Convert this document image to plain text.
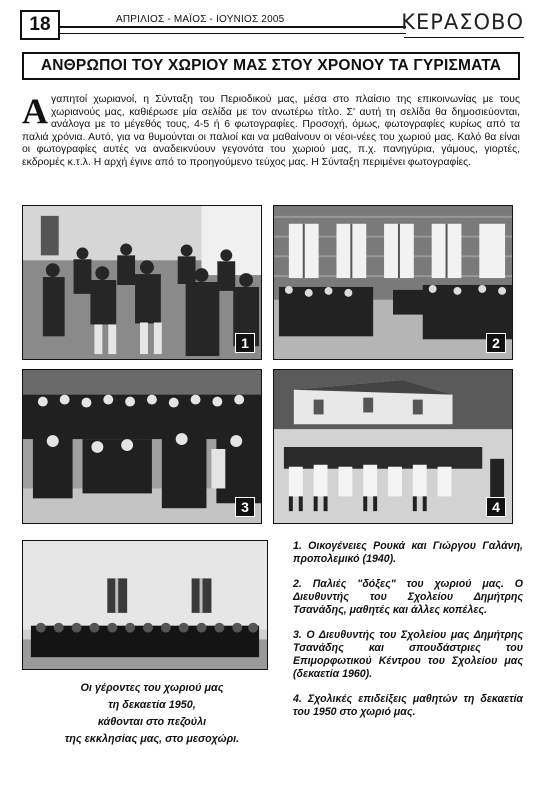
18	ΑΠΡΙΛΙΟΣ - ΜΑΪΟΣ - ΙΟΥΝΙΟΣ 2005	ΚΕΡΑΣΟΒΟ
ΑΝΘΡΩΠΟΙ ΤΟΥ ΧΩΡΙΟΥ ΜΑΣ ΣΤΟΥ ΧΡΟΝΟΥ ΤΑ ΓΥΡΙΣΜΑΤΑ
Α γαπητοί χωριανοί, η Σύνταξη του Περιοδικού μας, μέσα στο πλαίσιο της επικοινωνίας με τους χωριανούς μας, καθιέρωσε μία σελίδα με τον ανωτέρω τίτλο. Σ' αυτή τη σελίδα θα δημοσιεύονται, ανάλογα με το μέγεθός τους, 4-5 ή 6 φωτογραφίες. Προσοχή, όμως, φωτογραφίες κυρίως από τα παλιά χρόνια. Αυτό, για να θυμούνται οι παλιοί και να μαθαίνουν οι νέοι-νέες του χωριού μας. Καλό θα είναι οι φωτογραφίες αυτές να αναδεικνύουν γεγονότα του χωριού μας, π.χ. πανηγύρια, γάμους, γιορτές, εκδρομές κ.τ.λ. Η αρχή έγινε από το προηγούμενο τεύχος μας. Η Σύνταξη περιμένει φωτογραφίες.
1	2
3	4

1. Οικογένειες Ρουκά και Γιώργου Γαλάνη, προπολεμικό (1940).

2. Παλιές "δόξες" του χωριού μας. Ο Διευθυντής του Σχολείου Δημήτρης Τσανάδης, μαθητές και άλλες κοπέλες.

3. Ο Διευθυντής του Σχολείου μας Δημήτρης Τσανάδης και σπουδάστριες του Επιμορφωτικού Κέντρου του Σχολείου μας (δεκαετία 1960).

4. Σχολικές επιδείξεις μαθητών τη δεκαετία του 1950 στο χωριό μας.

Οι γέροντες του χωριού μας
τη δεκαετία 1950,
κάθονται στο πεζούλι
της εκκλησίας μας, στο μεσοχώρι.
